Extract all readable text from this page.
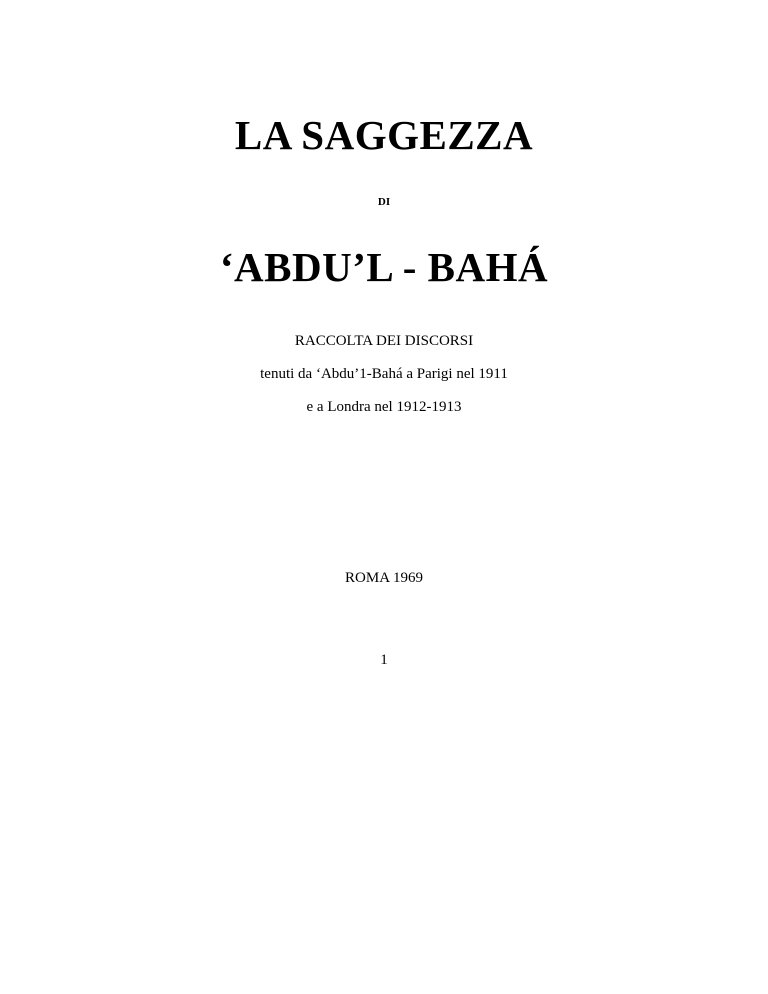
LA SAGGEZZA
DI
‘ABDU’L - BAHÁ
RACCOLTA DEI DISCORSI
tenuti da ‘Abdu’1-Bahá a Parigi nel 1911
e a Londra nel 1912-1913
ROMA 1969
1
